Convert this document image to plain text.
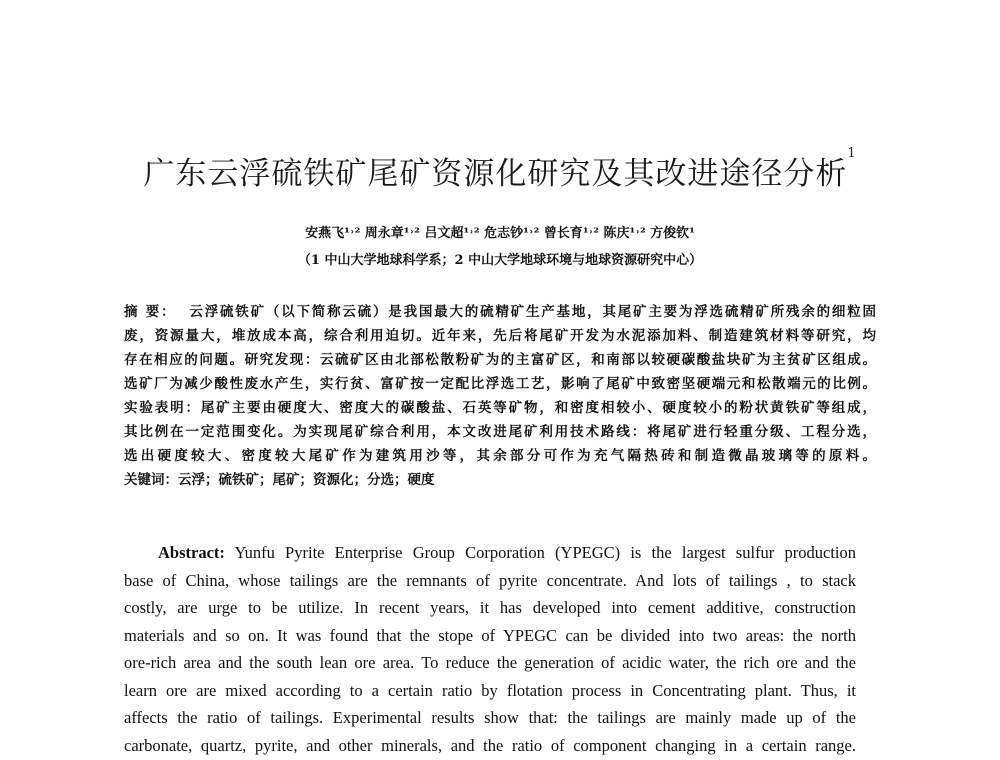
广东云浮硫铁矿尾矿资源化研究及其改进途径分析$^1$
安燕飞¹˒² 周永章¹˒² 吕文超¹˒² 危志钞¹˒² 曾长育¹˒² 陈庆¹˒² 方俊钦¹
（1 中山大学地球科学系；2 中山大学地球环境与地球资源研究中心）
摘 要： 云浮硫铁矿（以下简称云硫）是我国最大的硫精矿生产基地，其尾矿主要为浮选硫精矿所残余的细粒固
废，资源量大，堆放成本高，综合利用迫切。近年来，先后将尾矿开发为水泥添加料、制造建筑材料等研究，均
存在相应的问题。研究发现：云硫矿区由北部松散粉矿为的主富矿区，和南部以较硬碳酸盐块矿为主贫矿区组成。
选矿厂为减少酸性废水产生，实行贫、富矿按一定配比浮选工艺，影响了尾矿中致密坚硬端元和松散端元的比例。
实验表明：尾矿主要由硬度大、密度大的碳酸盐、石英等矿物，和密度相较小、硬度较小的粉状黄铁矿等组成，
其比例在一定范围变化。为实现尾矿综合利用，本文改进尾矿利用技术路线：将尾矿进行轻重分级、工程分选，
选出硬度较大、密度较大尾矿作为建筑用沙等，其余部分可作为充气隔热砖和制造微晶玻璃等的原料。
关键词：云浮；硫铁矿；尾矿；资源化；分选；硬度
Abstract: Yunfu Pyrite Enterprise Group Corporation (YPEGC) is the largest sulfur production
base of China, whose tailings are the remnants of pyrite concentrate. And lots of tailings , to stack
costly, are urge to be utilize. In recent years, it has developed into cement additive, construction
materials and so on. It was found that the stope of YPEGC can be divided into two areas: the north
ore-rich area and the south lean ore area. To reduce the generation of acidic water, the rich ore and the
learn ore are mixed according to a certain ratio by flotation process in Concentrating plant. Thus, it
affects the ratio of tailings. Experimental results show that: the tailings are mainly made up of the
carbonate, quartz, pyrite, and other minerals, and the ratio of component changing in a certain range.
